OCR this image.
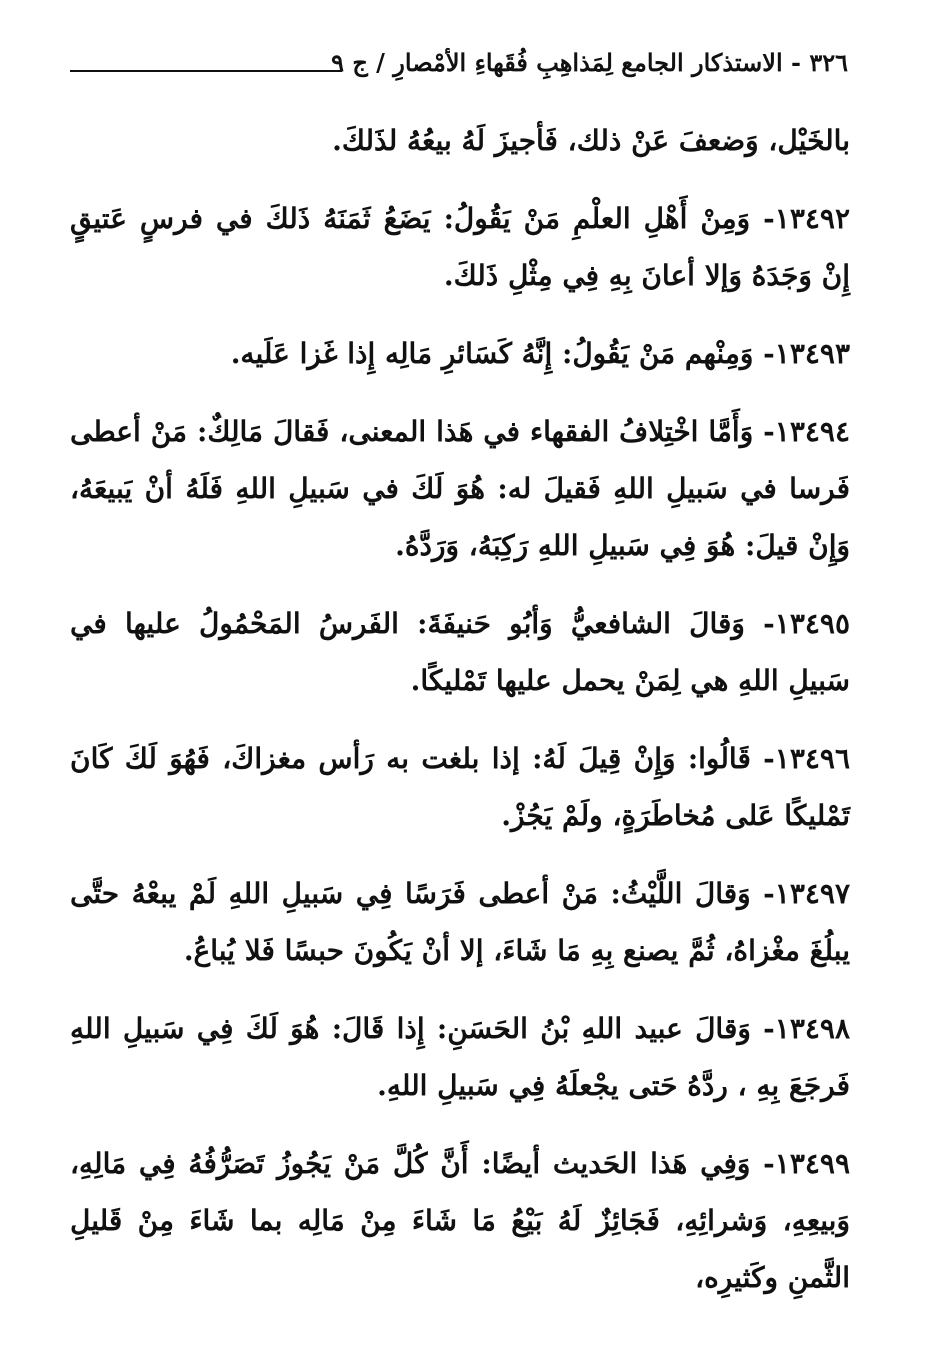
٣٢٦ - الاستذكار الجامع لِمَذاهِبِ فُقَهاءِ الأمْصارِ / ج ٩

بالخَيْل، وَضعفَ عَنْ ذلك، فَأجيزَ لَهُ بيعُهُ لذَلكَ.

١٣٤٩٢- وَمِنْ أَهْلِ العلْمِ مَنْ يَقُولُ: يَضَعُ ثَمَنَهُ ذَلكَ في فرسٍ عَتيقٍ إِنْ وَجَدَهُ وَإلا أعانَ بِهِ فِي مِثْلِ ذَلكَ.

١٣٤٩٣- وَمِنْهم مَنْ يَقُولُ: إِنَّهُ كَسَائرِ مَالِه إِذا غَزا عَلَيه.

١٣٤٩٤- وَأَمَّا اخْتِلافُ الفقهاء في هَذا المعنى، فَقالَ مَالِكٌ: مَنْ أعطى فَرسا في سَبيلِ اللهِ فَقيلَ له: هُوَ لَكَ في سَبيلِ اللهِ فَلَهُ أنْ يَبيعَهُ، وَإِنْ قيلَ: هُوَ فِي سَبيلِ اللهِ رَكِبَهُ، وَرَدَّهُ.

١٣٤٩٥- وَقالَ الشافعيُّ وَأبُو حَنيفَةَ: الفَرسُ المَحْمُولُ عليها في سَبيلِ اللهِ هي لِمَنْ يحمل عليها تَمْليكًا.

١٣٤٩٦- قَالُوا: وَإِنْ قِيلَ لَهُ: إذا بلغت به رَأس مغزاكَ، فَهُوَ لَكَ كَانَ تَمْليكًا عَلى مُخاطَرَةٍ، ولَمْ يَجُزْ.

١٣٤٩٧- وَقالَ اللَّيْثُ: مَنْ أعطى فَرَسًا فِي سَبيلِ اللهِ لَمْ يبعْهُ حتَّى يبلُغَ مغْزاهُ، ثُمَّ يصنع بِهِ مَا شَاءَ، إلا أنْ يَكُونَ حبسًا فَلا يُباعُ.

١٣٤٩٨- وَقالَ عبيد اللهِ بْنُ الحَسَنِ: إِذا قَالَ: هُوَ لَكَ فِي سَبيلِ اللهِ فَرجَعَ بِهِ ، ردَّهُ حَتى يجْعلَهُ فِي سَبيلِ اللهِ.

١٣٤٩٩- وَفِي هَذا الحَديث أيضًا: أَنَّ كُلَّ مَنْ يَجُوزُ تَصَرُّفُهُ فِي مَالِهِ، وَبيعِهِ، وَشرائِهِ، فَجَائِزٌ لَهُ بَيْعُ مَا شَاءَ مِنْ مَالِه بما شَاءَ مِنْ قَليلِ الثَّمنِ وكَثيرِه،
